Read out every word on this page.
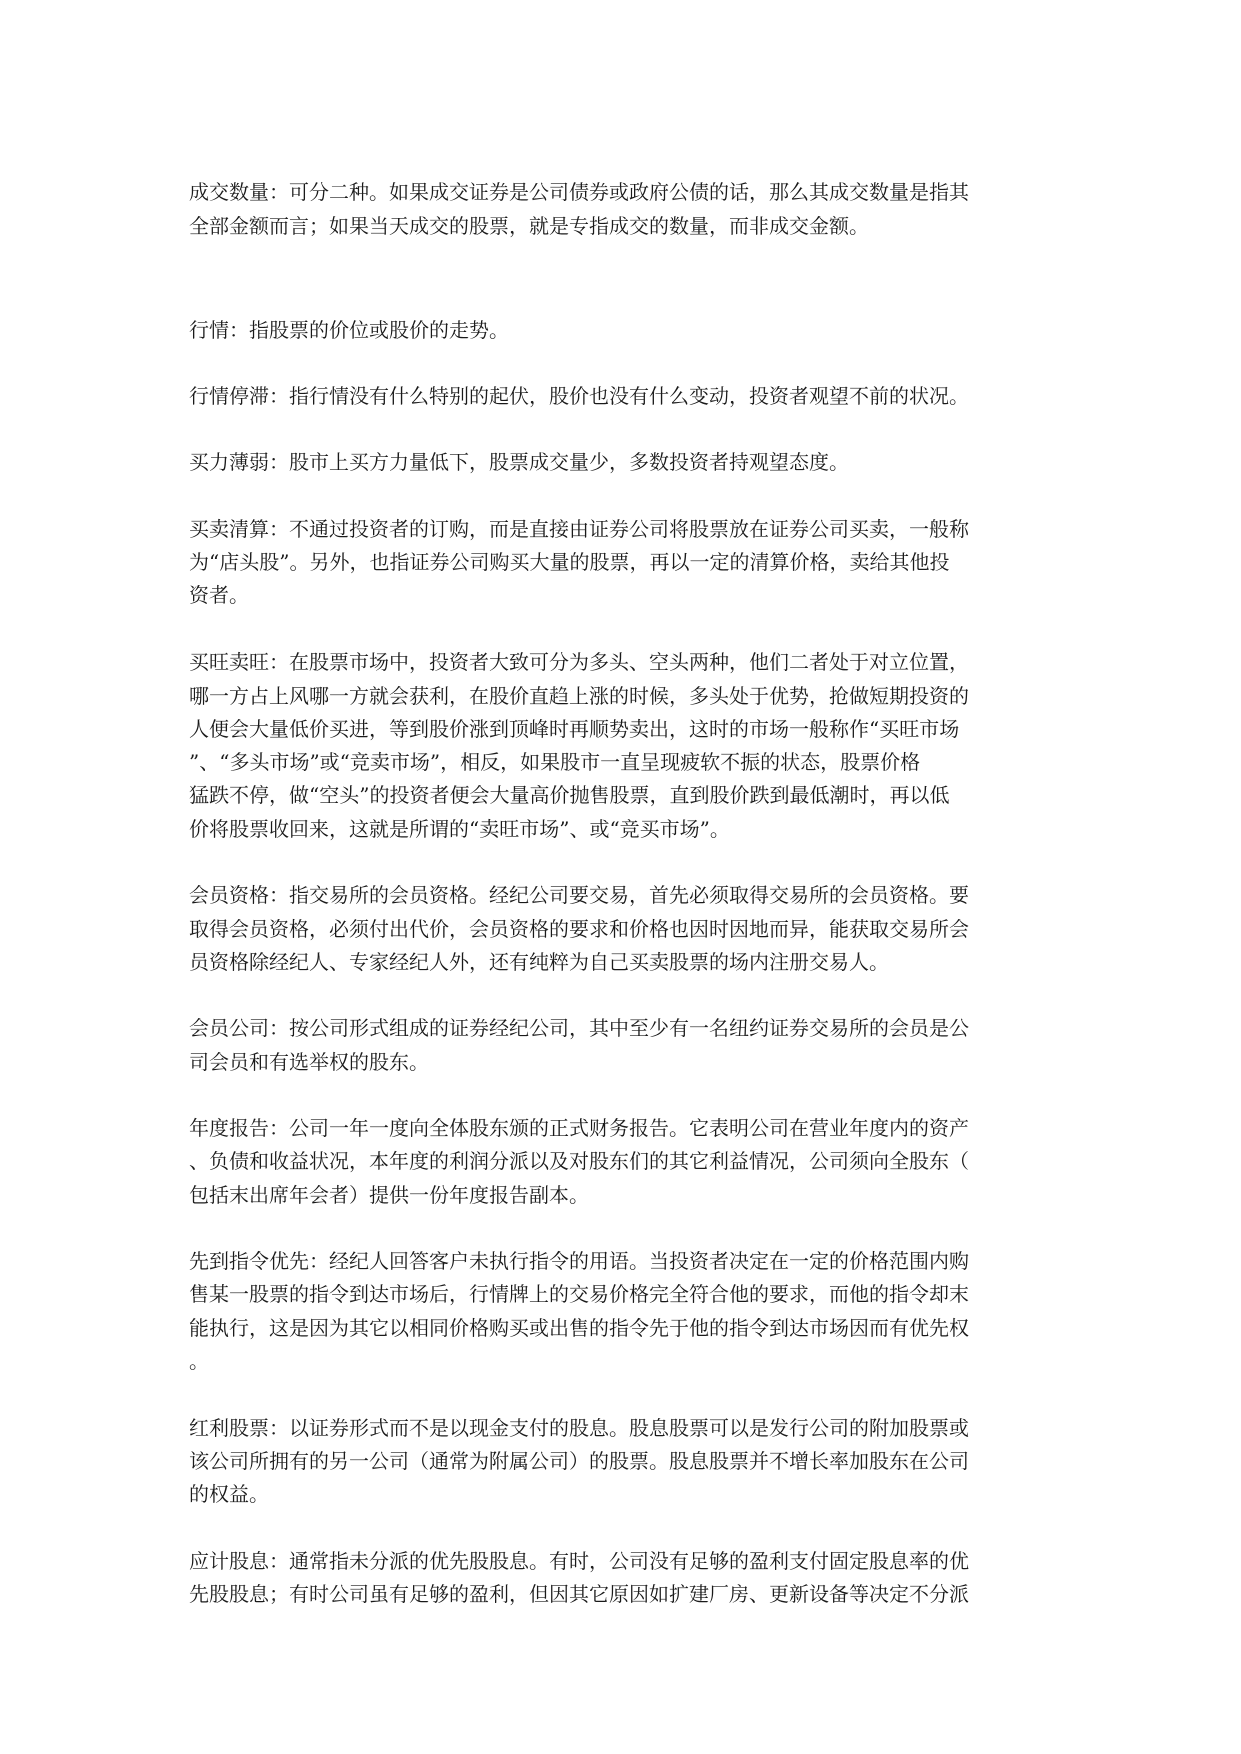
成交数量：可分二种。如果成交证券是公司债券或政府公债的话，那么其成交数量是指其

全部金额而言；如果当天成交的股票，就是专指成交的数量，而非成交金额。

行情：指股票的价位或股价的走势。

行情停滞：指行情没有什么特别的起伏，股价也没有什么变动，投资者观望不前的状况。

买力薄弱：股市上买方力量低下，股票成交量少，多数投资者持观望态度。

买卖清算：不通过投资者的订购，而是直接由证券公司将股票放在证券公司买卖，一般称

为“店头股”。另外，也指证券公司购买大量的股票，再以一定的清算价格，卖给其他投

资者。

买旺卖旺：在股票市场中，投资者大致可分为多头、空头两种，他们二者处于对立位置，

哪一方占上风哪一方就会获利，在股价直趋上涨的时候，多头处于优势，抢做短期投资的

人便会大量低价买进，等到股价涨到顶峰时再顺势卖出，这时的市场一般称作“买旺市场

”、“多头市场”或“竞卖市场”，相反，如果股市一直呈现疲软不振的状态，股票价格

猛跌不停，做“空头”的投资者便会大量高价抛售股票，直到股价跌到最低潮时，再以低

价将股票收回来，这就是所谓的“卖旺市场”、或“竞买市场”。

会员资格：指交易所的会员资格。经纪公司要交易，首先必须取得交易所的会员资格。要

取得会员资格，必须付出代价，会员资格的要求和价格也因时因地而异，能获取交易所会

员资格除经纪人、专家经纪人外，还有纯粹为自己买卖股票的场内注册交易人。

会员公司：按公司形式组成的证券经纪公司，其中至少有一名纽约证券交易所的会员是公

司会员和有选举权的股东。

年度报告：公司一年一度向全体股东颁的正式财务报告。它表明公司在营业年度内的资产

、负债和收益状况，本年度的利润分派以及对股东们的其它利益情况，公司须向全股东（

包括末出席年会者）提供一份年度报告副本。

先到指令优先：经纪人回答客户未执行指令的用语。当投资者决定在一定的价格范围内购

售某一股票的指令到达市场后，行情牌上的交易价格完全符合他的要求，而他的指令却末

能执行，这是因为其它以相同价格购买或出售的指令先于他的指令到达市场因而有优先权

。

红利股票：以证券形式而不是以现金支付的股息。股息股票可以是发行公司的附加股票或

该公司所拥有的另一公司（通常为附属公司）的股票。股息股票并不增长率加股东在公司

的权益。

应计股息：通常指未分派的优先股股息。有时，公司没有足够的盈利支付固定股息率的优

先股股息；有时公司虽有足够的盈利，但因其它原因如扩建厂房、更新设备等决定不分派
